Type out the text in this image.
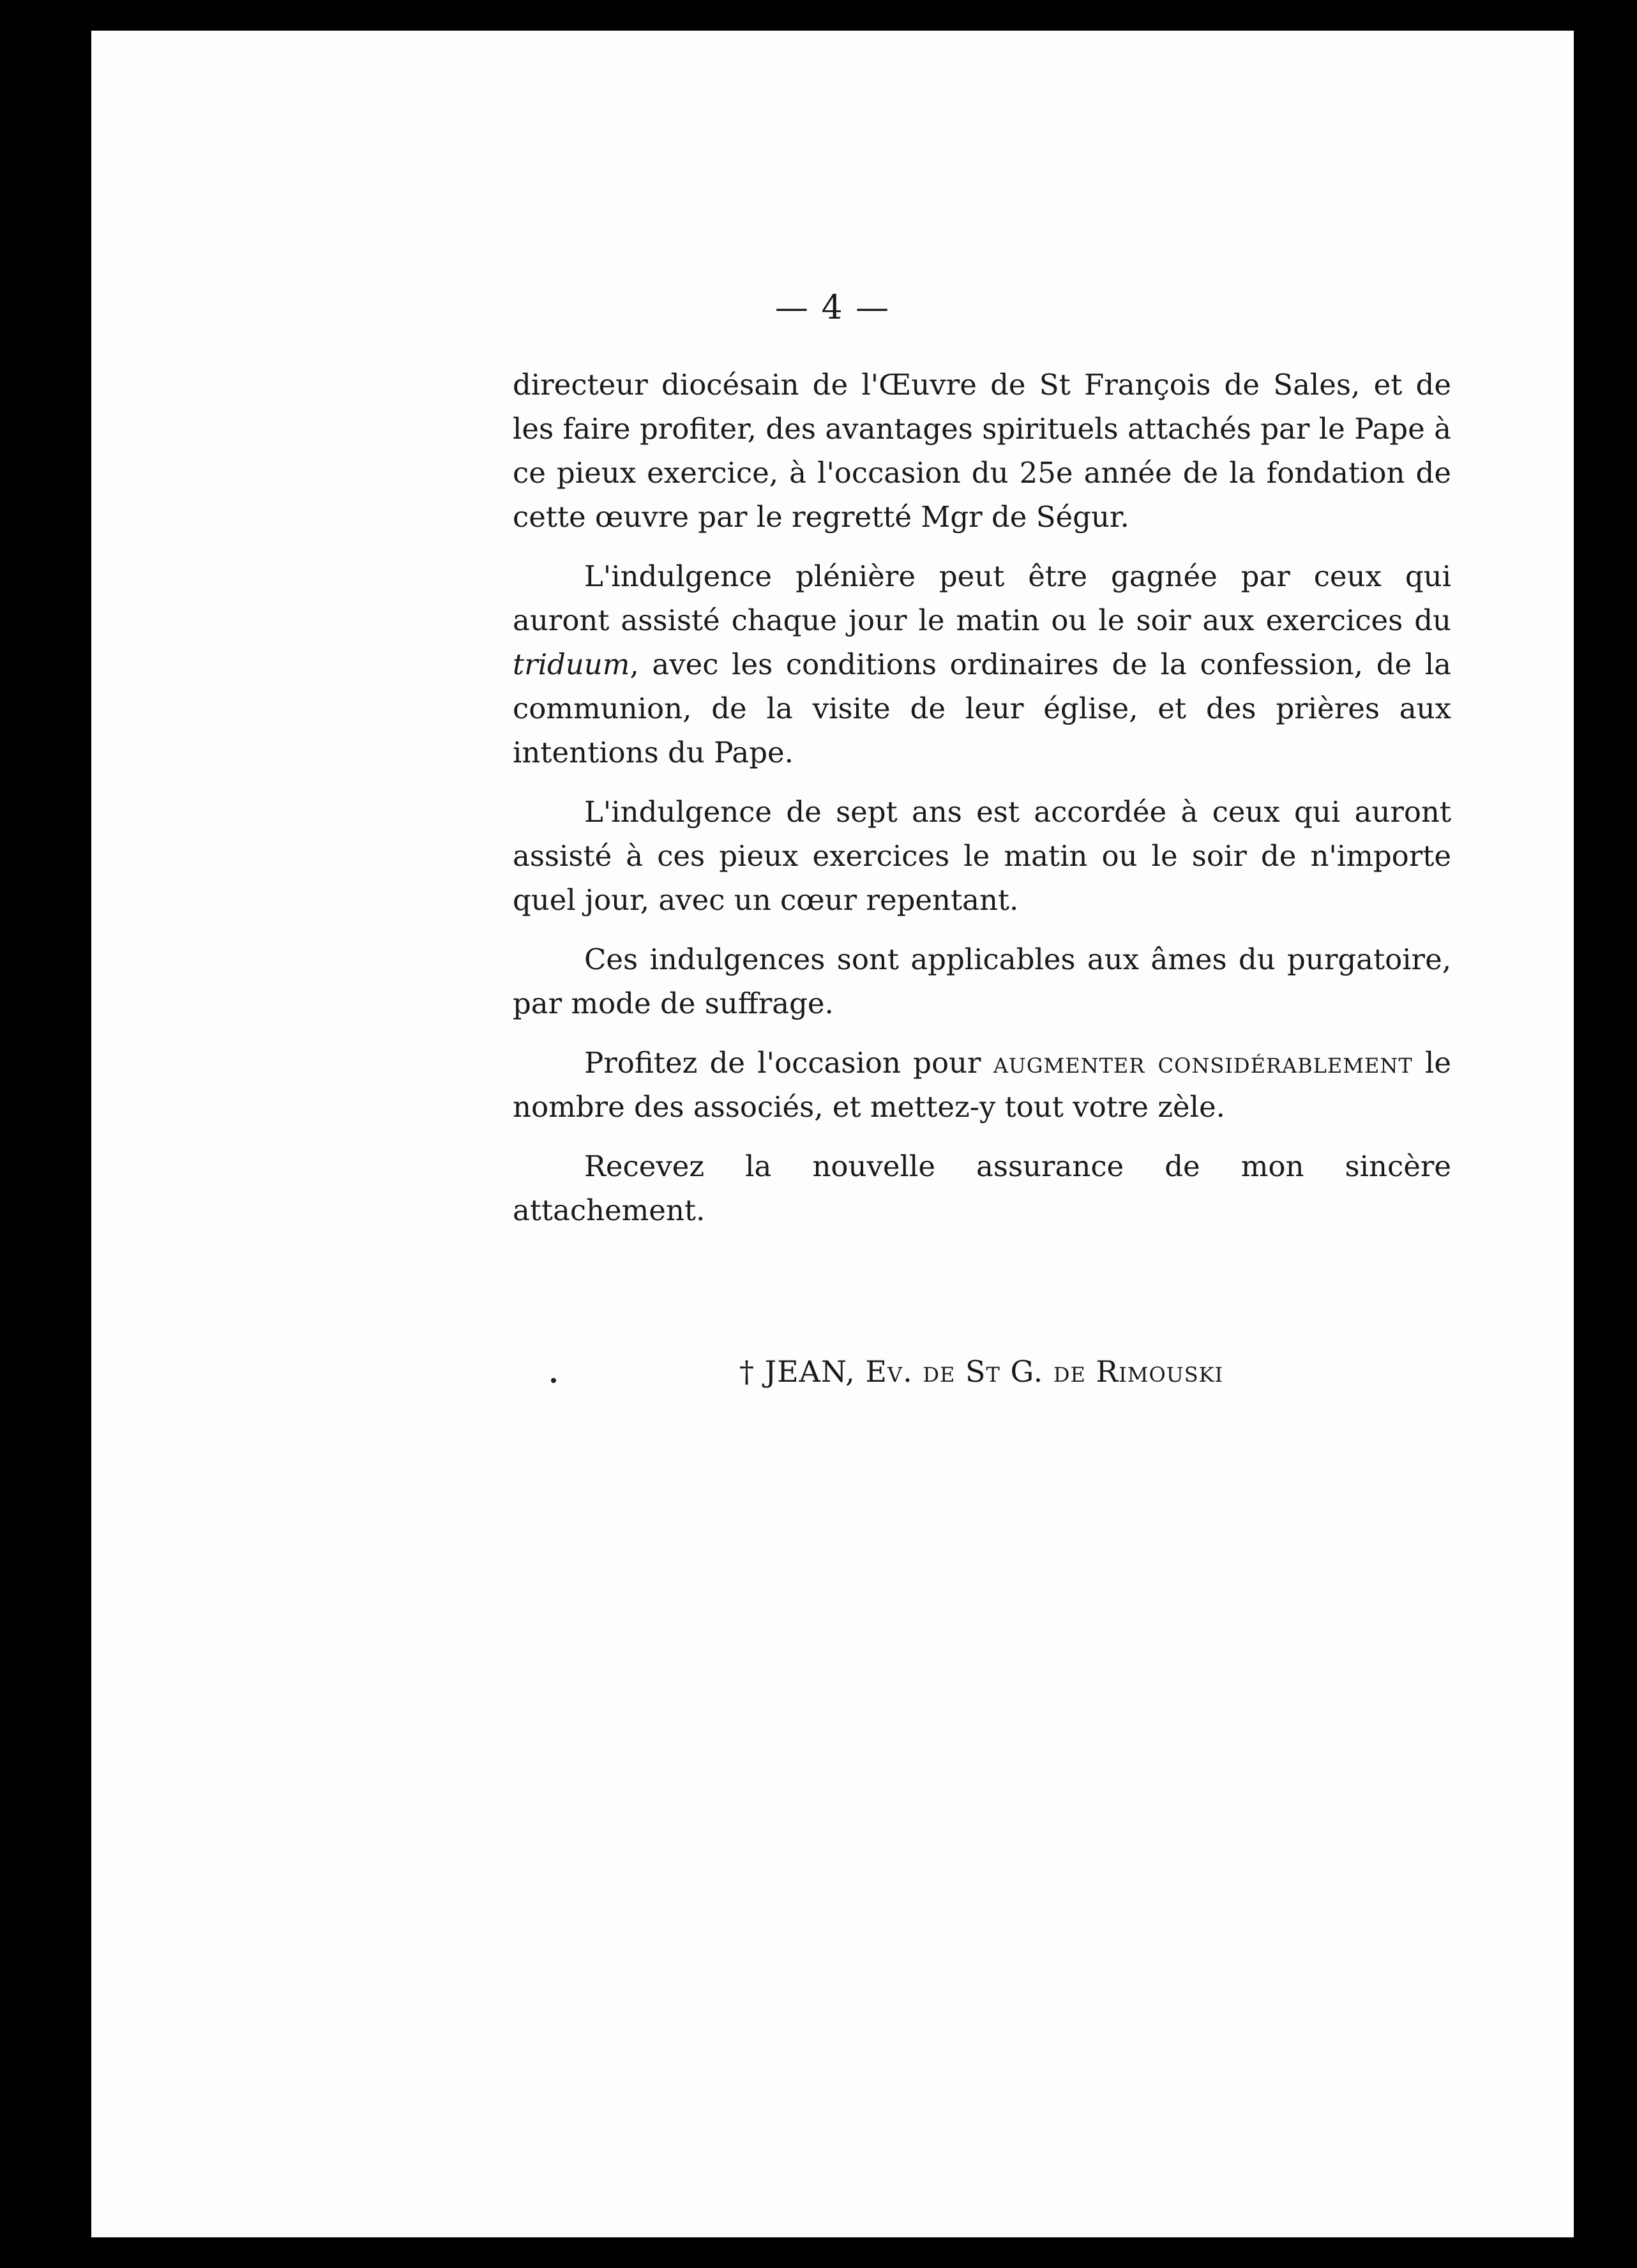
— 4 —

directeur diocésain de l'Œuvre de St François de Sales, et de les faire profiter, des avantages spirituels attachés par le Pape à ce pieux exercice, à l'occasion du 25e année de la fondation de cette œuvre par le regretté Mgr de Ségur.

L'indulgence plénière peut être gagnée par ceux qui auront assisté chaque jour le matin ou le soir aux exercices du triduum, avec les conditions ordinaires de la confession, de la communion, de la visite de leur église, et des prières aux intentions du Pape.

L'indulgence de sept ans est accordée à ceux qui auront assisté à ces pieux exercices le matin ou le soir de n'importe quel jour, avec un cœur repentant.

Ces indulgences sont applicables aux âmes du purgatoire, par mode de suffrage.

Profitez de l'occasion pour augmenter considérablement le nombre des associés, et mettez-y tout votre zèle.

Recevez la nouvelle assurance de mon sincère attachement.

† JEAN, Ev. de St G. de Rimouski
